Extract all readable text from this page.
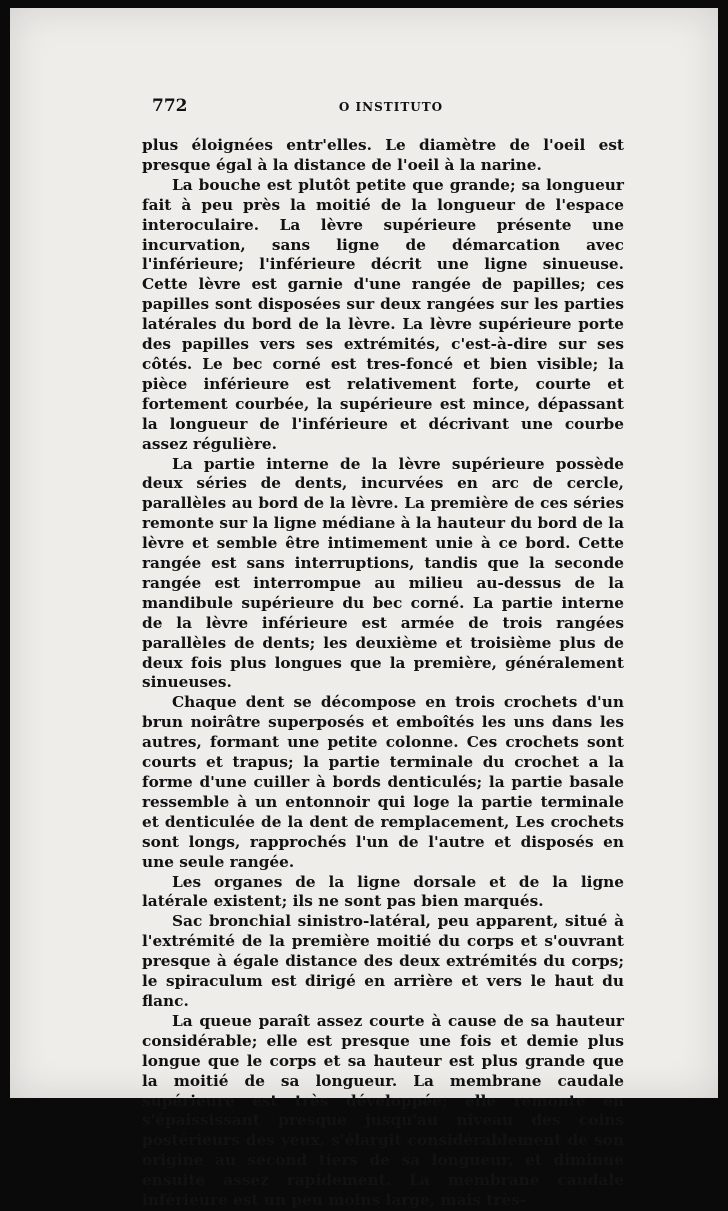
772	O INSTITUTO

plus éloignées entr'elles. Le diamètre de l'oeil est presque égal à la distance de l'oeil à la narine.

La bouche est plutôt petite que grande; sa longueur fait à peu près la moitié de la longueur de l'espace interoculaire. La lèvre supérieure présente une incurvation, sans ligne de démarcation avec l'inférieure; l'inférieure décrit une ligne sinueuse. Cette lèvre est garnie d'une rangée de papilles; ces papilles sont disposées sur deux rangées sur les parties latérales du bord de la lèvre. La lèvre supérieure porte des papilles vers ses extrémités, c'est-à-dire sur ses côtés. Le bec corné est tres-foncé et bien visible; la pièce inférieure est relativement forte, courte et fortement courbée, la supérieure est mince, dépassant la longueur de l'inférieure et décrivant une courbe assez régulière.

La partie interne de la lèvre supérieure possède deux séries de dents, incurvées en arc de cercle, parallèles au bord de la lèvre. La première de ces séries remonte sur la ligne médiane à la hauteur du bord de la lèvre et semble être intimement unie à ce bord. Cette rangée est sans interruptions, tandis que la seconde rangée est interrompue au milieu au-dessus de la mandibule supérieure du bec corné. La partie interne de la lèvre inférieure est armée de trois rangées parallèles de dents; les deuxième et troisième plus de deux fois plus longues que la première, généralement sinueuses.

Chaque dent se décompose en trois crochets d'un brun noirâtre superposés et emboîtés les uns dans les autres, formant une petite colonne. Ces crochets sont courts et trapus; la partie terminale du crochet a la forme d'une cuiller à bords denticulés; la partie basale ressemble à un entonnoir qui loge la partie terminale et denticulée de la dent de remplacement, Les crochets sont longs, rapprochés l'un de l'autre et disposés en une seule rangée.

Les organes de la ligne dorsale et de la ligne latérale existent; ils ne sont pas bien marqués.

Sac bronchial sinistro-latéral, peu apparent, situé à l'extrémité de la première moitié du corps et s'ouvrant presque à égale distance des deux extrémités du corps; le spiraculum est dirigé en arrière et vers le haut du flanc.

La queue paraît assez courte à cause de sa hauteur considérable; elle est presque une fois et demie plus longue que le corps et sa hauteur est plus grande que la moitié de sa longueur. La membrane caudale supérieure est très développée; elle remonte en s'épaississant presque jusqu'au niveau des coins postérieurs des yeux, s'élargit considérablement de son origine au second tiers de sa longueur, et diminue ensuite assez rapidement. La membrane caudale inférieure est un peu moins large, mais très-
